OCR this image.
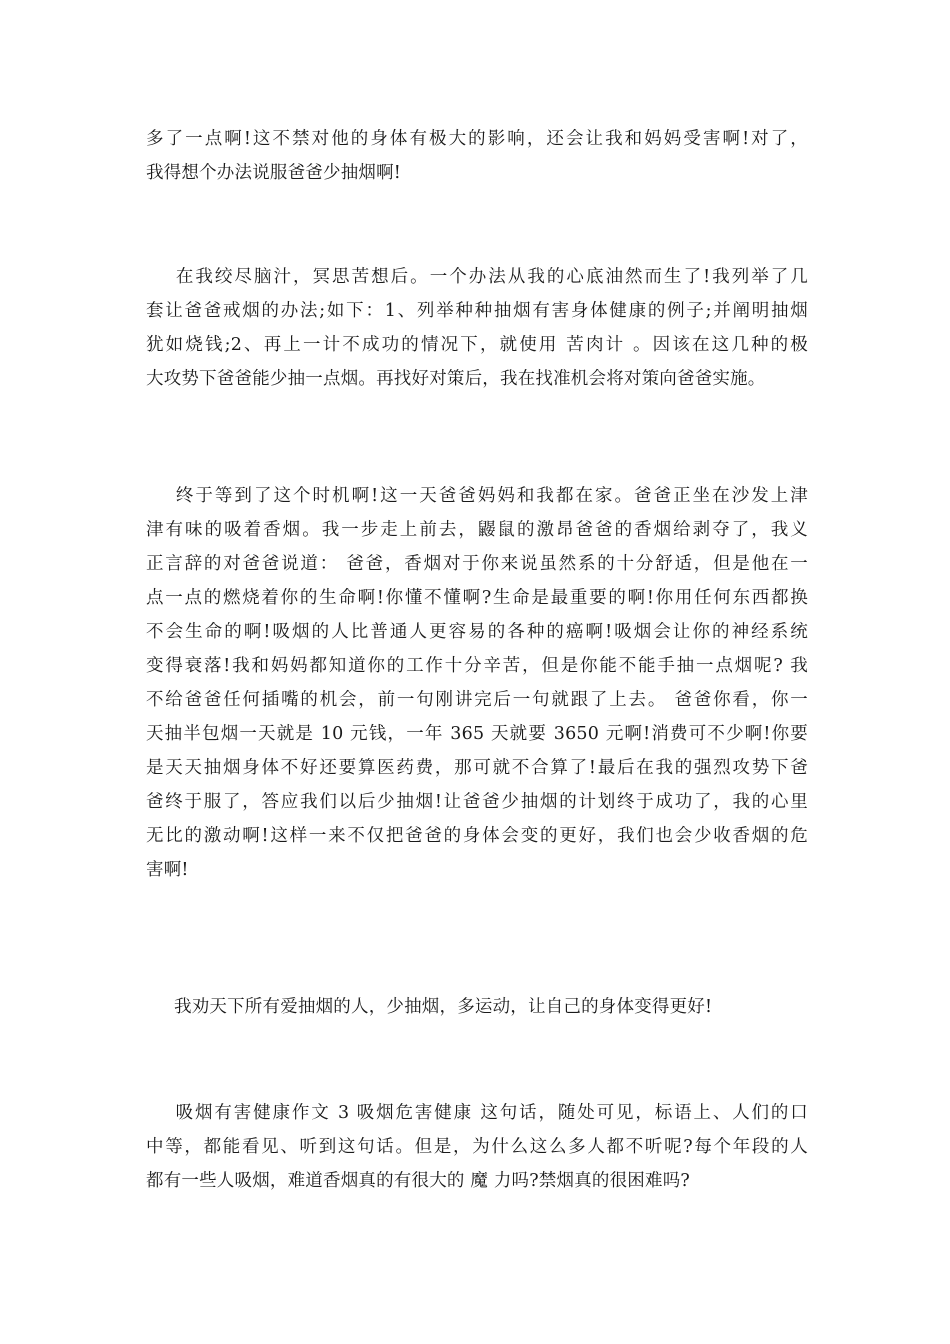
多了一点啊!这不禁对他的身体有极大的影响，还会让我和妈妈受害啊!对了，
我得想个办法说服爸爸少抽烟啊!

在我绞尽脑汁，冥思苦想后。一个办法从我的心底油然而生了!我列举了几
套让爸爸戒烟的办法;如下：1、列举种种抽烟有害身体健康的例子;并阐明抽烟
犹如烧钱;2、再上一计不成功的情况下，就使用 苦肉计 。因该在这几种的极
大攻势下爸爸能少抽一点烟。再找好对策后，我在找准机会将对策向爸爸实施。

终于等到了这个时机啊!这一天爸爸妈妈和我都在家。爸爸正坐在沙发上津
津有味的吸着香烟。我一步走上前去，鼹鼠的激昂爸爸的香烟给剥夺了，我义
正言辞的对爸爸说道： 爸爸，香烟对于你来说虽然系的十分舒适，但是他在一
点一点的燃烧着你的生命啊!你懂不懂啊?生命是最重要的啊!你用任何东西都换
不会生命的啊!吸烟的人比普通人更容易的各种的癌啊!吸烟会让你的神经系统
变得衰落!我和妈妈都知道你的工作十分辛苦，但是你能不能手抽一点烟呢? 我
不给爸爸任何插嘴的机会，前一句刚讲完后一句就跟了上去。 爸爸你看，你一
天抽半包烟一天就是 10 元钱，一年 365 天就要 3650 元啊!消费可不少啊!你要
是天天抽烟身体不好还要算医药费，那可就不合算了!最后在我的强烈攻势下爸
爸终于服了，答应我们以后少抽烟!让爸爸少抽烟的计划终于成功了，我的心里
无比的激动啊!这样一来不仅把爸爸的身体会变的更好，我们也会少收香烟的危
害啊!

我劝天下所有爱抽烟的人，少抽烟，多运动，让自己的身体变得更好!

吸烟有害健康作文 3 吸烟危害健康 这句话，随处可见，标语上、人们的口
中等，都能看见、听到这句话。但是，为什么这么多人都不听呢?每个年段的人
都有一些人吸烟，难道香烟真的有很大的 魔 力吗?禁烟真的很困难吗?
